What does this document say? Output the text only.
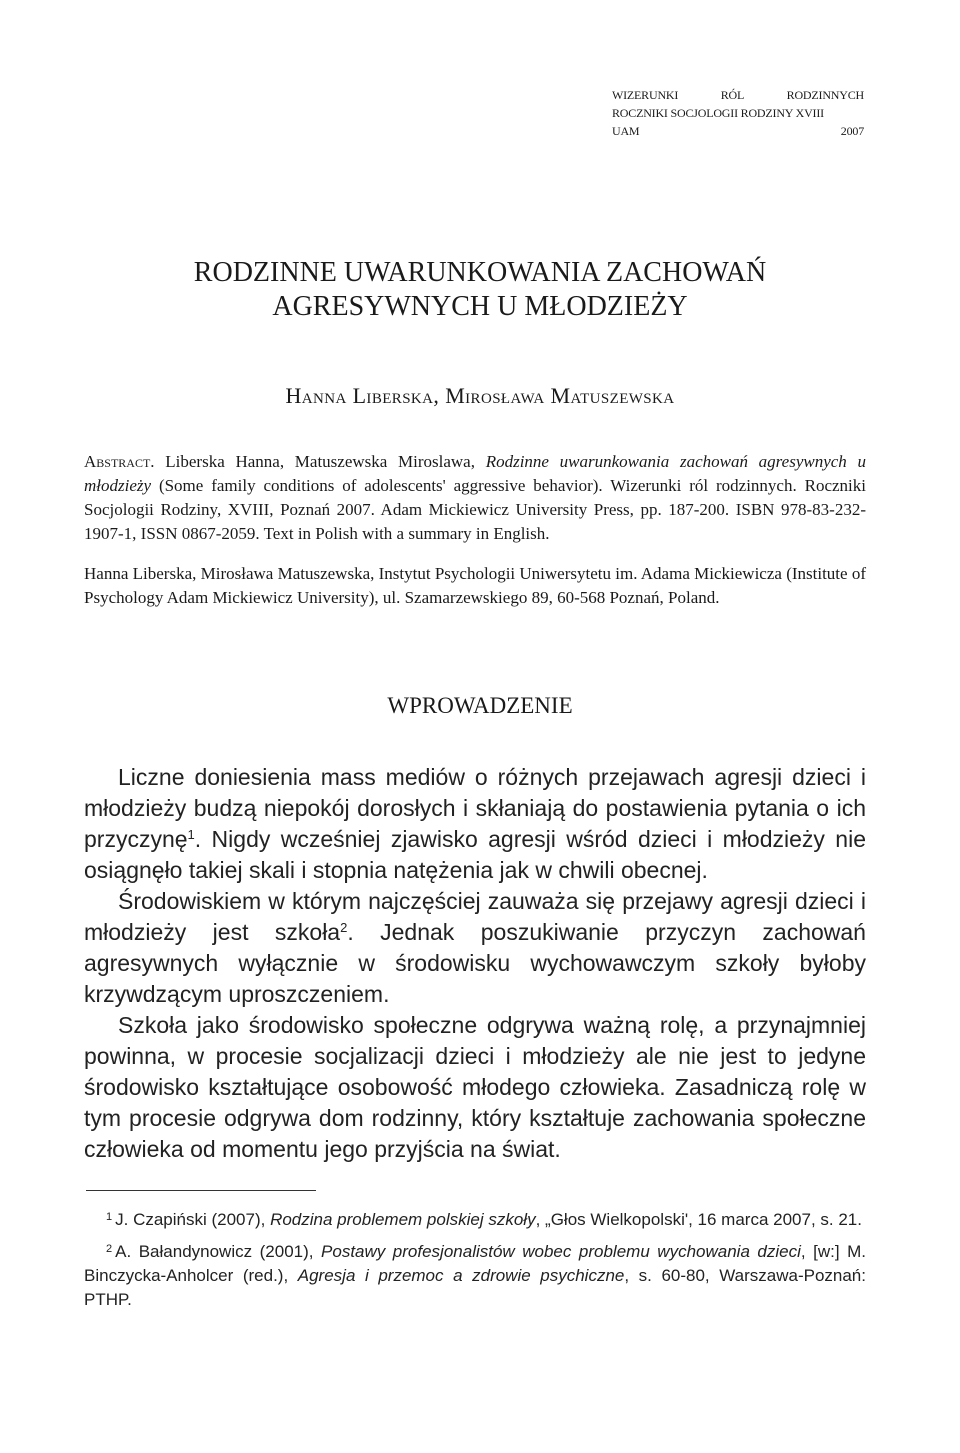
WIZERUNKI	RÓL	RODZINNYCH
ROCZNIKI SOCJOLOGII RODZINY XVIII
UAM	2007
RODZINNE UWARUNKOWANIA ZACHOWAŃ
AGRESYWNYCH U MŁODZIEŻY
Hanna Liberska, Mirosława Matuszewska
Abstract. Liberska Hanna, Matuszewska Miroslawa, Rodzinne uwarunkowania zachowań agresywnych u młodzieży (Some family conditions of adolescents' aggressive behavior). Wizerunki ról rodzinnych. Roczniki Socjologii Rodziny, XVIII, Poznań 2007. Adam Mickiewicz University Press, pp. 187-200. ISBN 978-83-232-1907-1, ISSN 0867-2059. Text in Polish with a summary in English.
Hanna Liberska, Mirosława Matuszewska, Instytut Psychologii Uniwersytetu im. Adama Mickiewicza (Institute of Psychology Adam Mickiewicz University), ul. Szamarzewskiego 89, 60-568 Poznań, Poland.
WPROWADZENIE

Liczne doniesienia mass mediów o różnych przejawach agresji dzieci i młodzieży budzą niepokój dorosłych i skłaniają do postawienia pytania o ich przyczynę$^1$. Nigdy wcześniej zjawisko agresji wśród dzieci i młodzieży nie osiągnęło takiej skali i stopnia natężenia jak w chwili obecnej.

Środowiskiem w którym najczęściej zauważa się przejawy agresji dzieci i młodzieży jest szkoła$^2$. Jednak poszukiwanie przyczyn zachowań agresywnych wyłącznie w środowisku wychowawczym szkoły byłoby krzywdzącym uproszczeniem.

Szkoła jako środowisko społeczne odgrywa ważną rolę, a przynajmniej powinna, w procesie socjalizacji dzieci i młodzieży ale nie jest to jedyne środowisko kształtujące osobowość młodego człowieka. Zasadniczą rolę w tym procesie odgrywa dom rodzinny, który kształtuje zachowania społeczne człowieka od momentu jego przyjścia na świat.

$^1$ J. Czapiński (2007), Rodzina problemem polskiej szkoły, „Głos Wielkopolski', 16 marca 2007, s. 21.

$^2$ A. Bałandynowicz (2001), Postawy profesjonalistów wobec problemu wychowania dzieci, [w:] M. Binczycka-Anholcer (red.), Agresja i przemoc a zdrowie psychiczne, s. 60-80, Warszawa-Poznań: PTHP.
